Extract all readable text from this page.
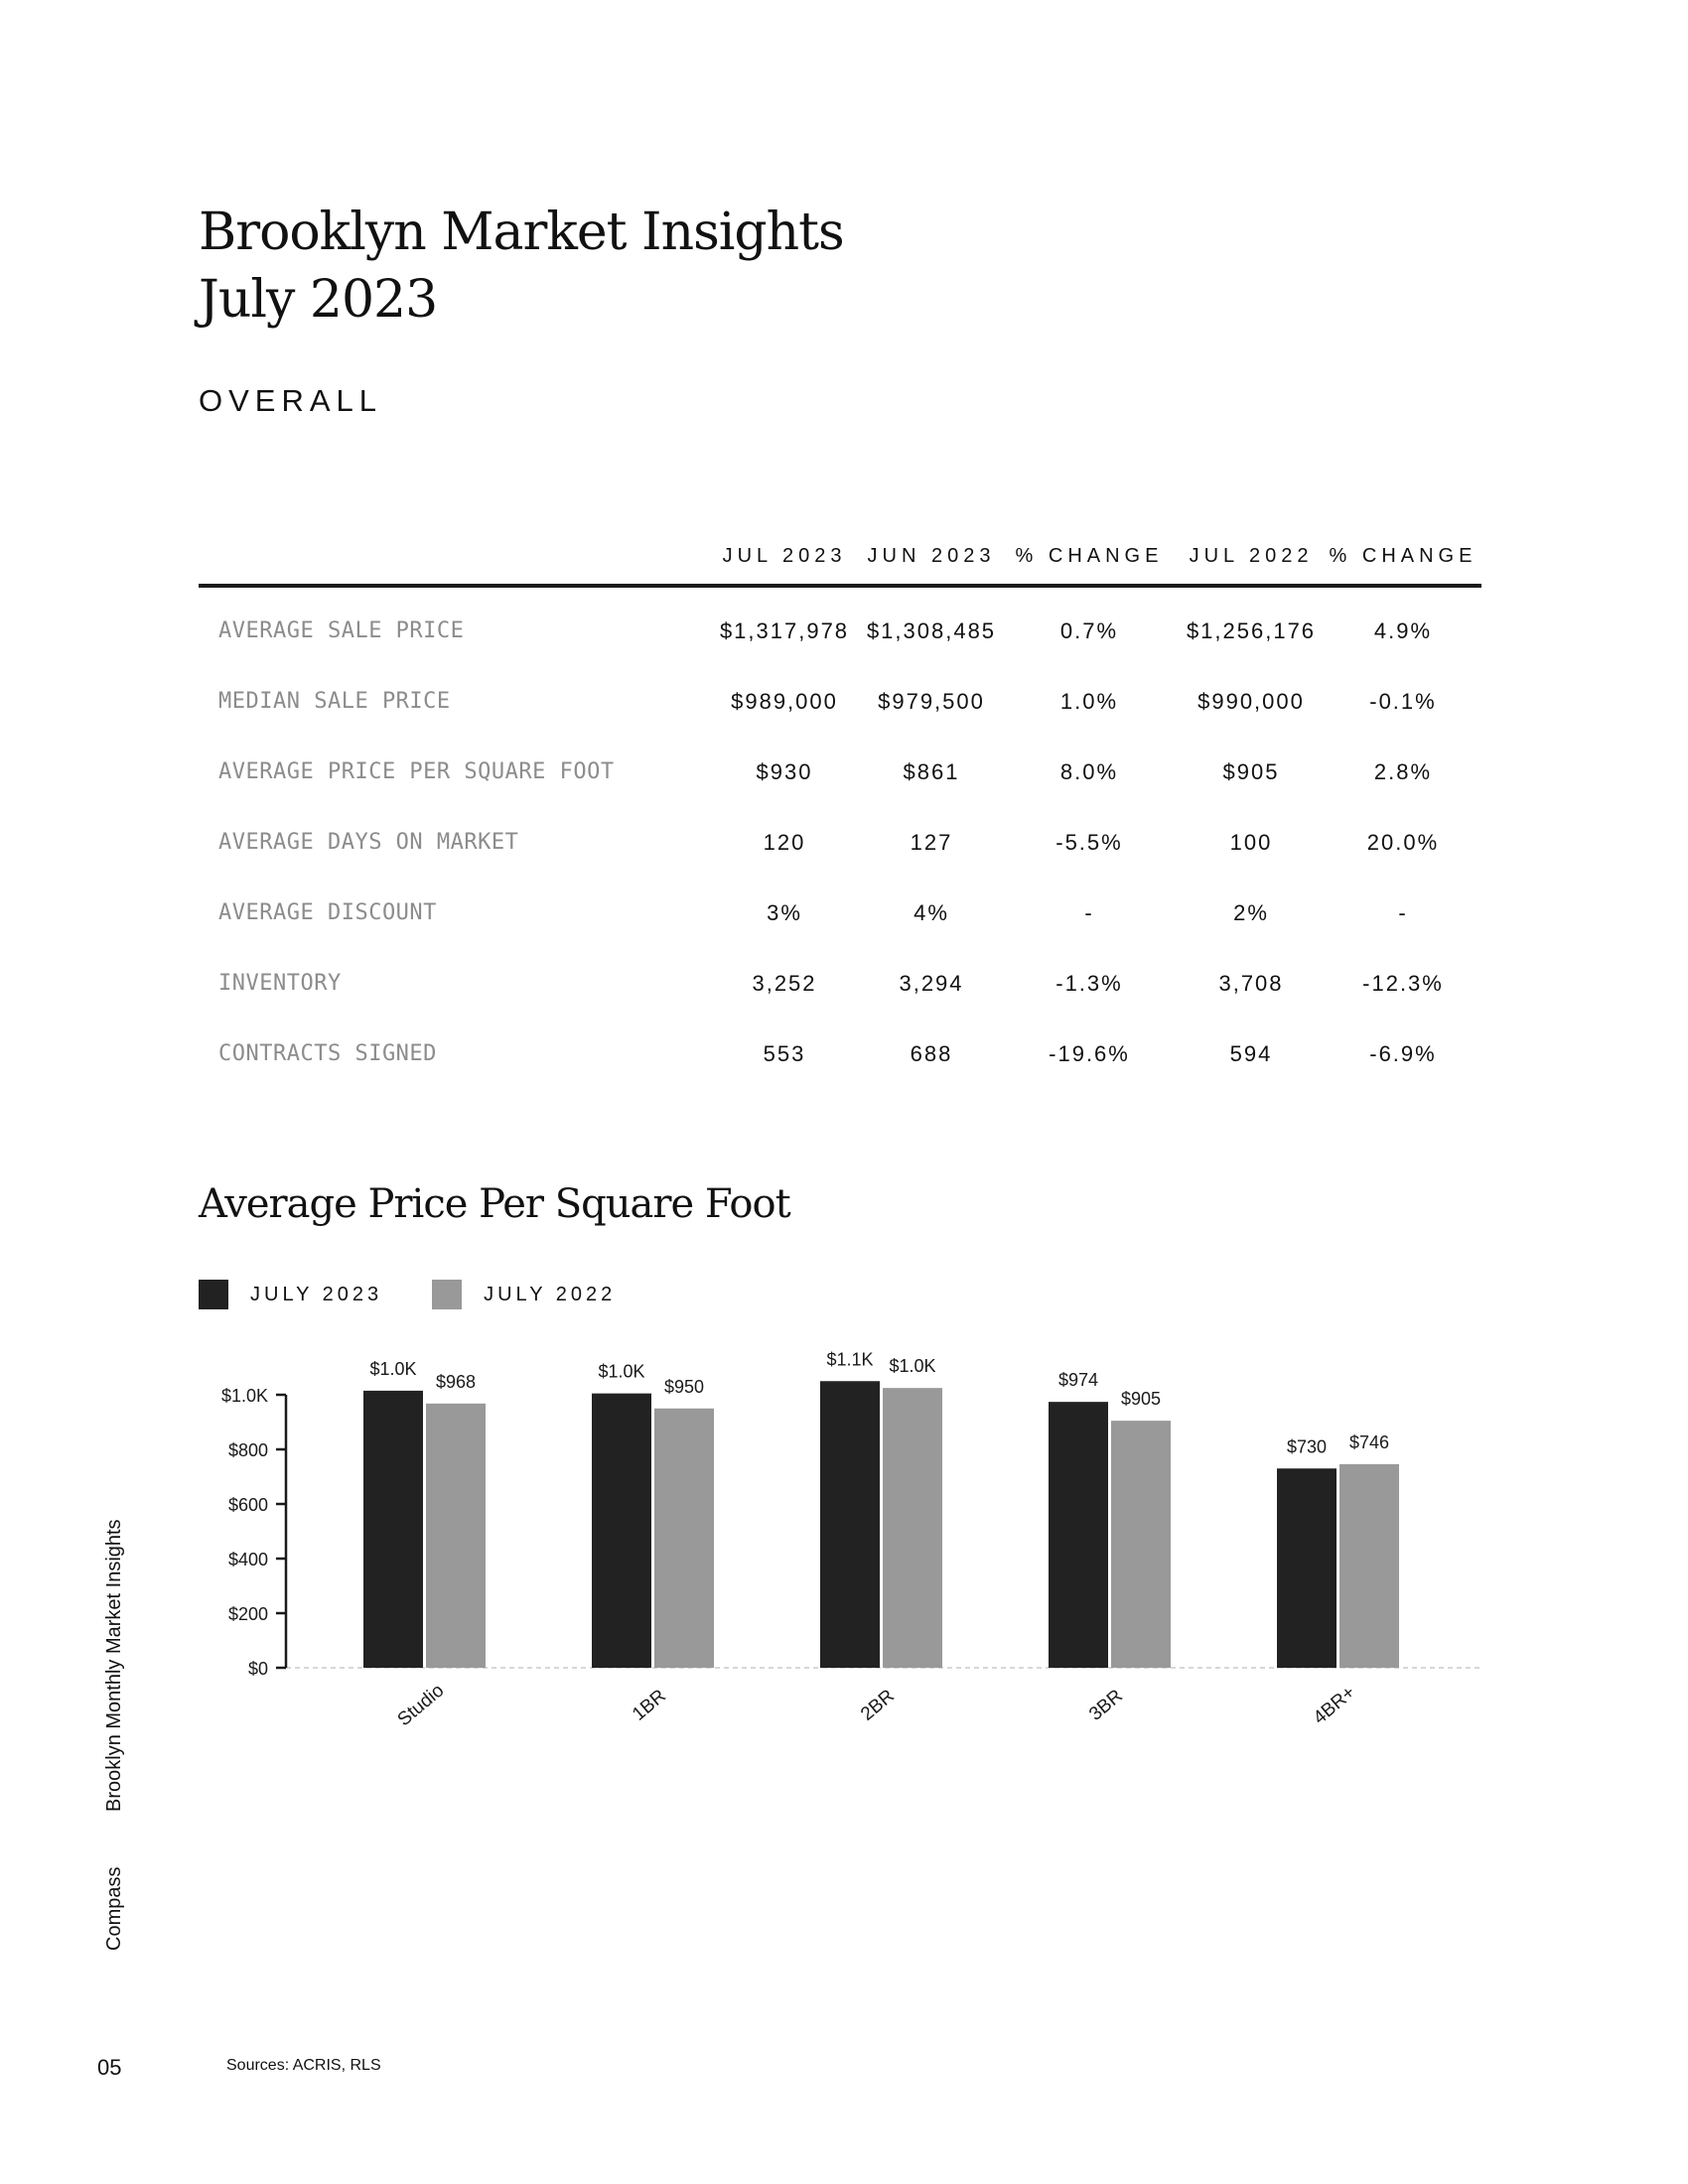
Brooklyn Market Insights
July 2023
OVERALL
	JUL 2023	JUN 2023	% CHANGE	JUL 2022	% CHANGE
AVERAGE SALE PRICE	$1,317,978	$1,308,485	0.7%	$1,256,176	4.9%
MEDIAN SALE PRICE	$989,000	$979,500	1.0%	$990,000	-0.1%
AVERAGE PRICE PER SQUARE FOOT	$930	$861	8.0%	$905	2.8%
AVERAGE DAYS ON MARKET	120	127	-5.5%	100	20.0%
AVERAGE DISCOUNT	3%	4%	-	2%	-
INVENTORY	3,252	3,294	-1.3%	3,708	-12.3%
CONTRACTS SIGNED	553	688	-19.6%	594	-6.9%
Average Price Per Square Foot
JULY 2023	JULY 2022
$0
$200
$400
$600
$800
$1.0K
$1.0K
$968
Studio
$1.0K
$950
1BR
$1.1K $1.0K
2BR
$974
$905
3BR
$730 $746
4BR+
Brooklyn Monthly Market Insights
Compass
05	Sources: ACRIS, RLS
